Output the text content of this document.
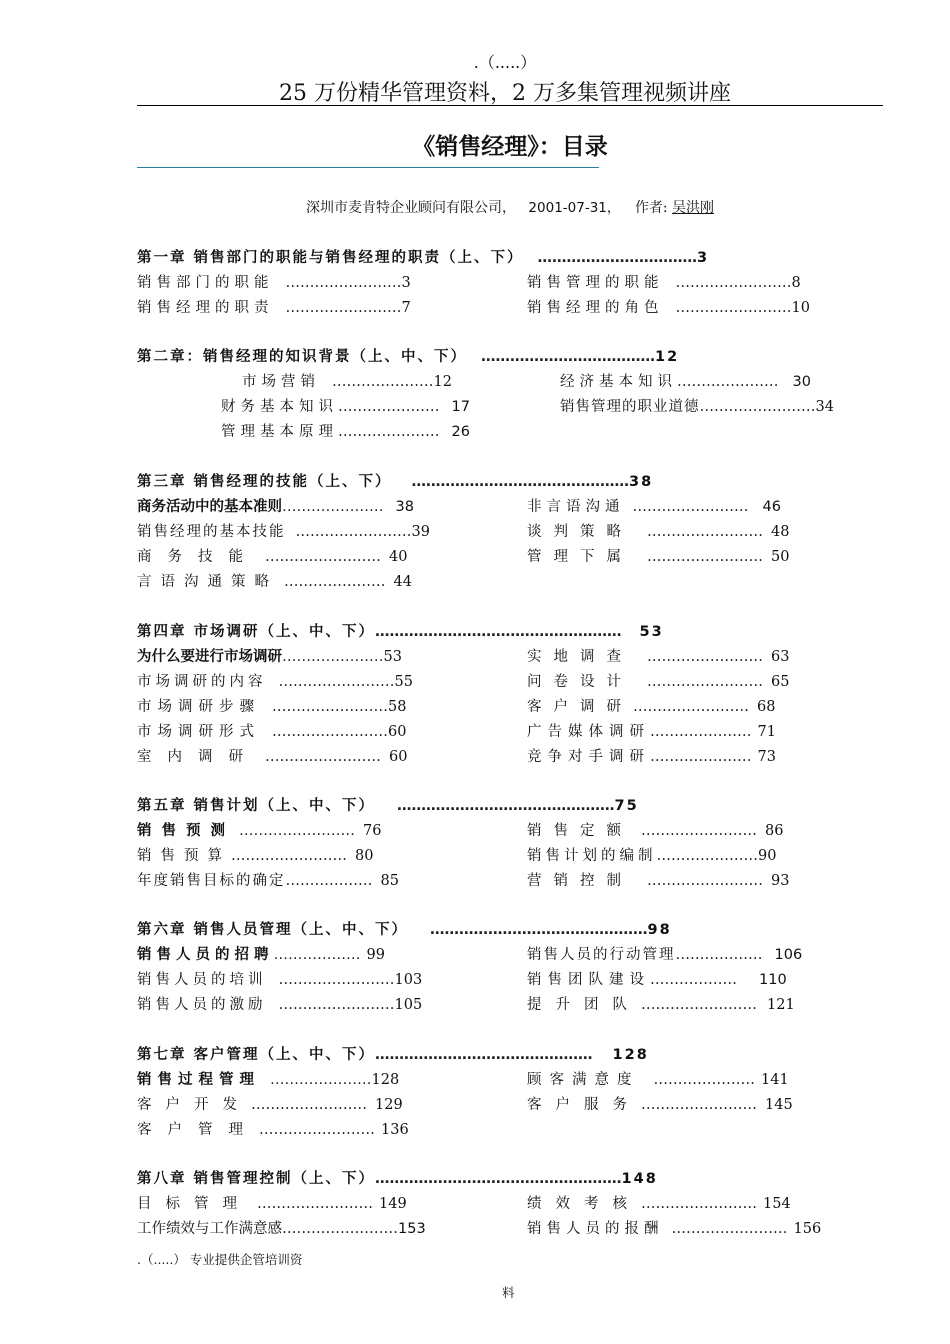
.（.....）
25 万份精华管理资料，2 万多集管理视频讲座
《销售经理》：目录
深圳市麦肯特企业顾问有限公司， 2001-07-31， 作者: 吴洪刚
第一章 销售部门的职能与销售经理的职责（上、下） ……………………………3
销售部门的职能 ……………………3	销售管理的职能 ……………………8
销售经理的职责 ……………………7	销售经理的角色 ……………………10
第二章：销售经理的知识背景（上、中、下） ………………………………12
市场营销 …………………12	经济基本知识………………… 30
财务基本知识………………… 17	销售管理的职业道德……………………34
管理基本原理………………… 26
第三章 销售经理的技能（上、下） ………………………………………38
商务活动中的基本准则………………… 38	非言语沟通 …………………… 46
销售经理的基本技能 ……………………39	谈判策略 …………………… 48
商务技能 …………………… 40	管理下属 …………………… 50
言语沟通策略 ………………… 44
第四章 市场调研（上、中、下）…………………………………………… 53
为什么要进行市场调研…………………53	实地调查 …………………… 63
市场调研的内容 ……………………55	问卷设计 …………………… 65
市场调研步骤 ……………………58	客户调研…………………… 68
市场调研形式 ……………………60	广告媒体调研………………… 71
室内调研 …………………… 60	竞争对手调研………………… 73
第五章 销售计划（上、中、下） ………………………………………75
销售预测 …………………… 76	销售定额 …………………… 86
销售预算…………………… 80	销售计划的编制…………………90
年度销售目标的确定……………… 85	营销控制 …………………… 93
第六章 销售人员管理（上、中、下） ………………………………………98
销售人员的招聘……………… 99	销售人员的行动管理……………… 106
销售人员的培训 ……………………103	销售团队建设……………… 110
销售人员的激励 ……………………105	提升团队…………………… 121
第七章 客户管理（上、中、下）……………………………………… 128
销售过程管理 …………………128	顾客满意度 ………………… 141
客户开发…………………… 129	客户服务…………………… 145
客户管理…………………… 136
第八章 销售管理控制（上、下）……………………………………………148
目标管理 …………………… 149	绩效考核…………………… 154
工作绩效与工作满意感……………………153	销售人员的报酬 …………………… 156
.（.....） 专业提供企管培训资
料
